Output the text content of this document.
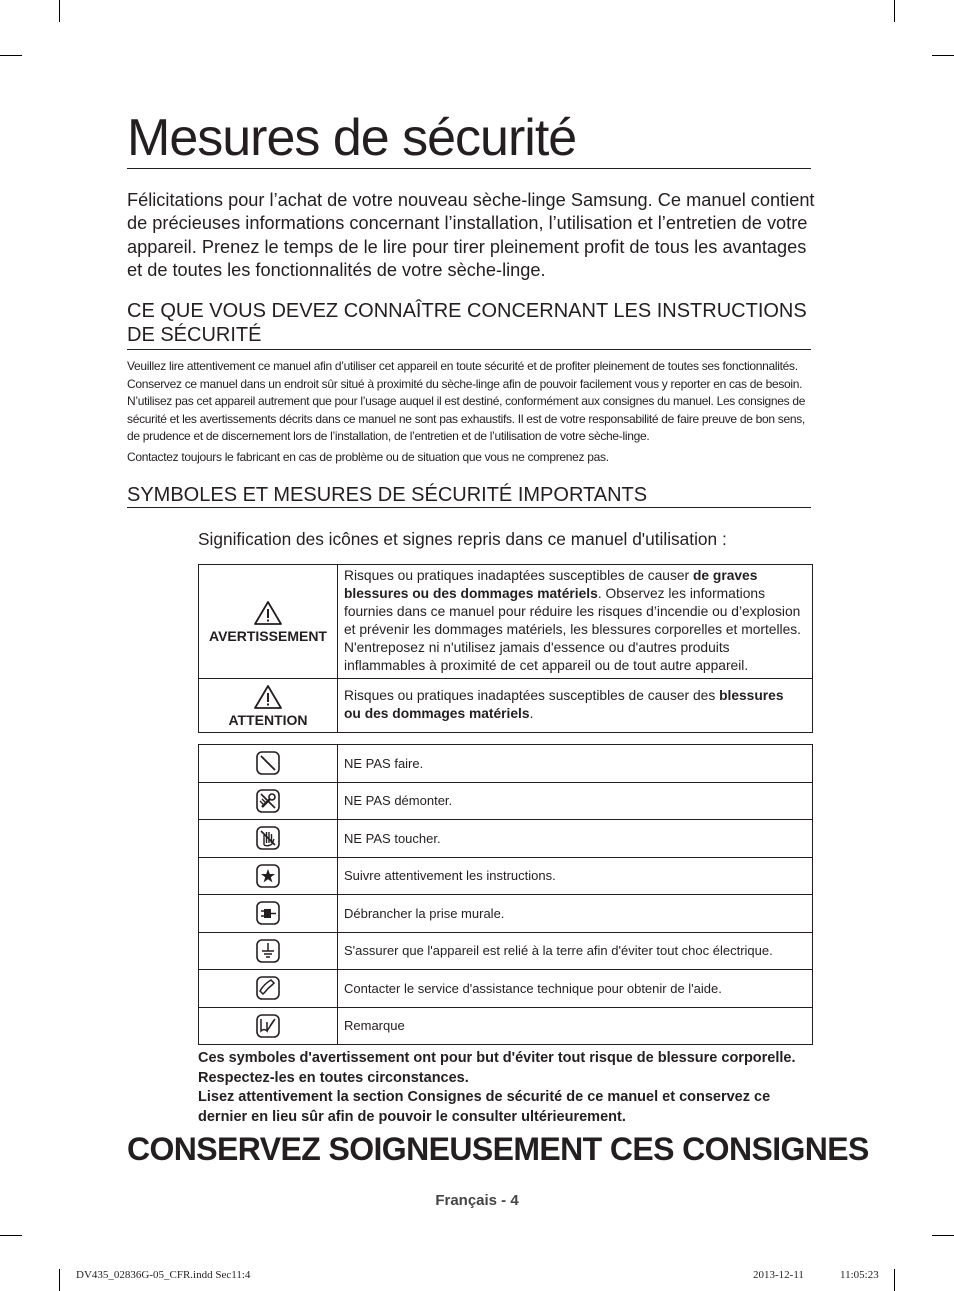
Mesures de sécurité

Félicitations pour l’achat de votre nouveau sèche-linge Samsung. Ce manuel contient de précieuses informations concernant l’installation, l’utilisation et l’entretien de votre appareil. Prenez le temps de le lire pour tirer pleinement profit de tous les avantages et de toutes les fonctionnalités de votre sèche-linge.

CE QUE VOUS DEVEZ CONNAÎTRE CONCERNANT LES INSTRUCTIONS DE SÉCURITÉ

Veuillez lire attentivement ce manuel afin d’utiliser cet appareil en toute sécurité et de profiter pleinement de toutes ses fonctionnalités. Conservez ce manuel dans un endroit sûr situé à proximité du sèche-linge afin de pouvoir facilement vous y reporter en cas de besoin. N’utilisez pas cet appareil autrement que pour l’usage auquel il est destiné, conformément aux consignes du manuel. Les consignes de sécurité et les avertissements décrits dans ce manuel ne sont pas exhaustifs. Il est de votre responsabilité de faire preuve de bon sens, de prudence et de discernement lors de l’installation, de l’entretien et de l’utilisation de votre sèche-linge.

Contactez toujours le fabricant en cas de problème ou de situation que vous ne comprenez pas.

SYMBOLES ET MESURES DE SÉCURITÉ IMPORTANTS

Signification des icônes et signes repris dans ce manuel d'utilisation :

AVERTISSEMENT	Risques ou pratiques inadaptées susceptibles de causer de graves blessures ou des dommages matériels. Observez les informations fournies dans ce manuel pour réduire les risques d’incendie ou d’explosion et prévenir les dommages matériels, les blessures corporelles et mortelles.
N'entreposez ni n'utilisez jamais d'essence ou d'autres produits inflammables à proximité de cet appareil ou de tout autre appareil.

ATTENTION	Risques ou pratiques inadaptées susceptibles de causer des blessures ou des dommages matériels.
	NE PAS faire.
	NE PAS démonter.
	NE PAS toucher.
	Suivre attentivement les instructions.
	Débrancher la prise murale.
	S'assurer que l'appareil est relié à la terre afin d'éviter tout choc électrique.
	Contacter le service d'assistance technique pour obtenir de l'aide.
	Remarque
Ces symboles d'avertissement ont pour but d'éviter tout risque de blessure corporelle.
Respectez-les en toutes circonstances.
Lisez attentivement la section Consignes de sécurité de ce manuel et conservez ce dernier en lieu sûr afin de pouvoir le consulter ultérieurement.
CONSERVEZ SOIGNEUSEMENT CES CONSIGNES

Français - 4

DV435_02836G-05_CFR.indd Sec11:4	2013-12-11	11:05:23
